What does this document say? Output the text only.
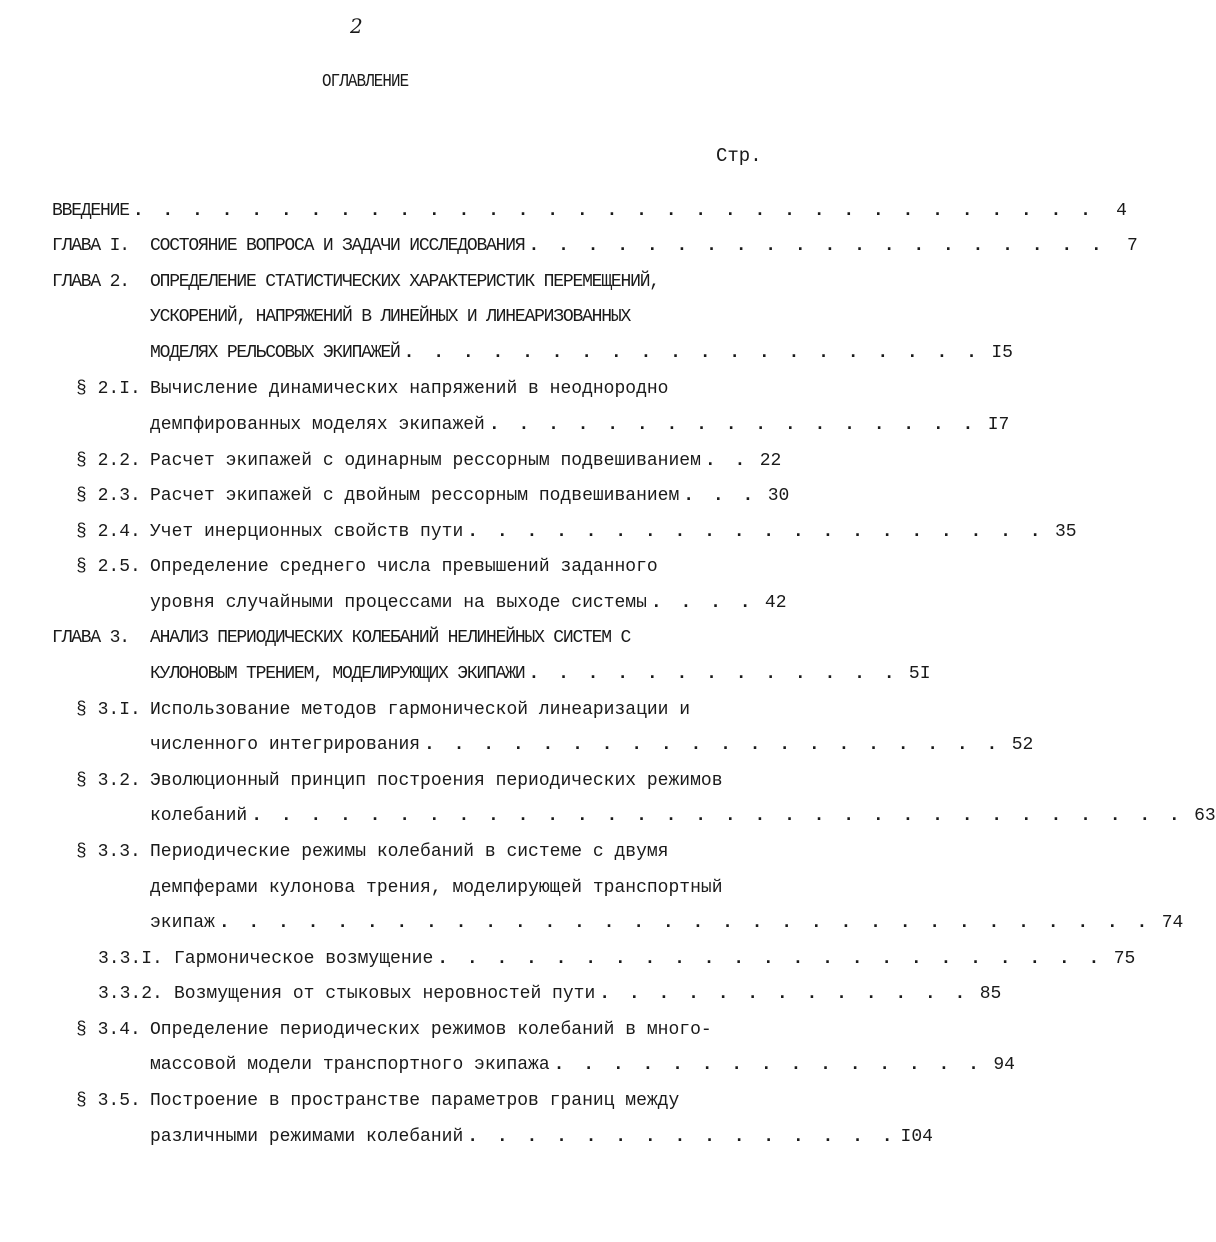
2
ОГЛАВЛЕНИЕ
Стр.
ВВЕДЕНИЕ . . . . . . . . . . . . . . . . . . . . . . . . . . . . . . . . .	4
ГЛАВА I. СОСТОЯНИЕ ВОПРОСА И ЗАДАЧИ ИССЛЕДОВАНИЯ . . . . . . . . . . . . . . . . . . . .	7
ГЛАВА 2. ОПРЕДЕЛЕНИЕ СТАТИСТИЧЕСКИХ ХАРАКТЕРИСТИК ПЕРЕМЕЩЕНИЙ,
УСКОРЕНИЙ, НАПРЯЖЕНИЙ В ЛИНЕЙНЫХ И ЛИНЕАРИЗОВАННЫХ
МОДЕЛЯХ РЕЛЬСОВЫХ ЭКИПАЖЕЙ . . . . . . . . . . . . . . . . . . . . I5
§ 2.I. Вычисление динамических напряжений в неоднородно
демпфированных моделях экипажей . . . . . . . . . . . . . . . . . I7
§ 2.2. Расчет экипажей с одинарным рессорным подвешиванием . . 22
§ 2.3. Расчет экипажей с двойным рессорным подвешиванием . . . 30
§ 2.4. Учет инерционных свойств пути . . . . . . . . . . . . . . . . . . . . 35
§ 2.5. Определение среднего числа превышений заданного
уровня случайными процессами на выходе системы . . . . 42
ГЛАВА 3. АНАЛИЗ ПЕРИОДИЧЕСКИХ КОЛЕБАНИЙ НЕЛИНЕЙНЫХ СИСТЕМ С
КУЛОНОВЫМ ТРЕНИЕМ, МОДЕЛИРУЮЩИХ ЭКИПАЖИ . . . . . . . . . . . . . 5I
§ 3.I. Использование методов гармонической линеаризации и
численного интегрирования . . . . . . . . . . . . . . . . . . . . 52
§ 3.2. Эволюционный принцип построения периодических режимов
колебаний . . . . . . . . . . . . . . . . . . . . . . . . . . . . . . . . 63
§ 3.3. Периодические режимы колебаний в системе с двумя
демпферами кулонова трения, моделирующей транспортный
экипаж . . . . . . . . . . . . . . . . . . . . . . . . . . . . . . . . 74
3.3.I. Гармоническое возмущение . . . . . . . . . . . . . . . . . . . . . . . 75
3.3.2. Возмущения от стыковых неровностей пути . . . . . . . . . . . . . 85
§ 3.4. Определение периодических режимов колебаний в много-
массовой модели транспортного экипажа . . . . . . . . . . . . . . . 94
§ 3.5. Построение в пространстве параметров границ между
различными режимами колебаний . . . . . . . . . . . . . . . I04
